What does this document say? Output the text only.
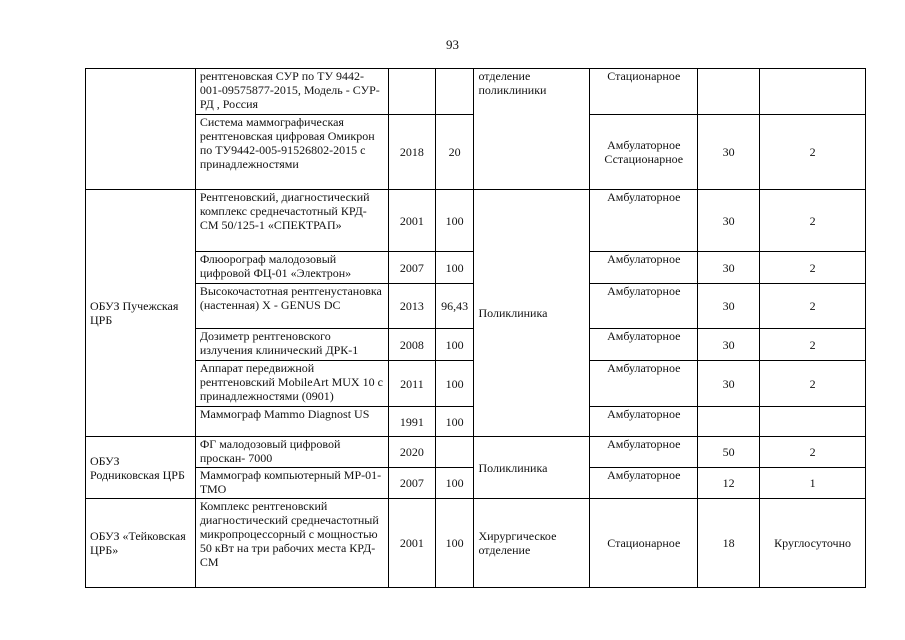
93
	рентгеновская СУР по ТУ 9442-001-09575877-2015, Модель - СУР-РД , Россия			отделение поликлиники	Стационарное		
	Система маммографическая рентгеновская цифровая Омикрон по ТУ9442-005-91526802-2015 с принадлежностями	2018	20		Амбулаторное Сстационарное	30	2
ОБУЗ Пучежская ЦРБ	Рентгеновский, диагностический комплекс среднечастотный КРД-СМ 50/125-1 «СПЕКТРАП»	2001	100	Поликлиника	Амбулаторное	30	2
	Флюорограф малодозовый цифровой ФЦ-01 «Электрон»	2007	100		Амбулаторное	30	2
	Высокочастотная рентгенустановка (настенная) X - GENUS DC	2013	96,43		Амбулаторное	30	2
	Дозиметр рентгеновского излучения клинический ДРК-1	2008	100		Амбулаторное	30	2
	Аппарат передвижной рентгеновский MobileArt MUX 10 с принадлежностями (0901)	2011	100		Амбулаторное	30	2
	Маммограф Mammo Diagnost US	1991	100		Амбулаторное		
ОБУЗ Родниковская ЦРБ	ФГ малодозовый цифровой проскан- 7000	2020		Поликлиника	Амбулаторное	50	2
	Маммограф компьютерный МР-01-ТМО	2007	100		Амбулаторное	12	1
ОБУЗ «Тейковская ЦРБ»	Комплекс рентгеновский диагностический среднечастотный микропроцессорный с мощностью 50 кВт на три рабочих места КРД-СМ	2001	100	Хирургическое отделение	Стационарное	18	Круглосуточно
